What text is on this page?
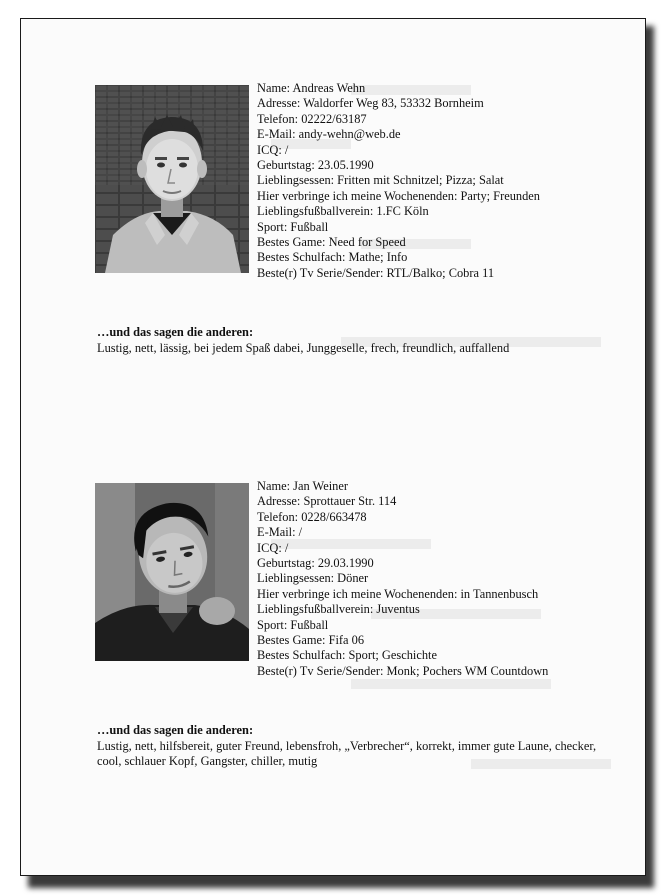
Name: Andreas Wehn
Adresse: Waldorfer Weg 83, 53332 Bornheim
Telefon: 02222/63187
E-Mail: andy-wehn@web.de
ICQ: /
Geburtstag: 23.05.1990
Lieblingsessen: Fritten mit Schnitzel; Pizza; Salat
Hier verbringe ich meine Wochenenden: Party; Freunden
Lieblingsfußballverein: 1.FC Köln
Sport: Fußball
Bestes Game: Need for Speed
Bestes Schulfach: Mathe; Info
Beste(r) Tv Serie/Sender: RTL/Balko; Cobra 11
…und das sagen die anderen:
Lustig, nett, lässig, bei jedem Spaß dabei, Junggeselle, frech, freundlich, auffallend
Name: Jan Weiner
Adresse: Sprottauer Str. 114
Telefon: 0228/663478
E-Mail: /
ICQ: /
Geburtstag: 29.03.1990
Lieblingsessen: Döner
Hier verbringe ich meine Wochenenden: in Tannenbusch
Lieblingsfußballverein: Juventus
Sport: Fußball
Bestes Game: Fifa 06
Bestes Schulfach: Sport; Geschichte
Beste(r) Tv Serie/Sender: Monk; Pochers WM Countdown
…und das sagen die anderen:
Lustig, nett, hilfsbereit, guter Freund, lebensfroh, „Verbrecher“, korrekt, immer gute Laune, checker, cool, schlauer Kopf, Gangster, chiller, mutig
